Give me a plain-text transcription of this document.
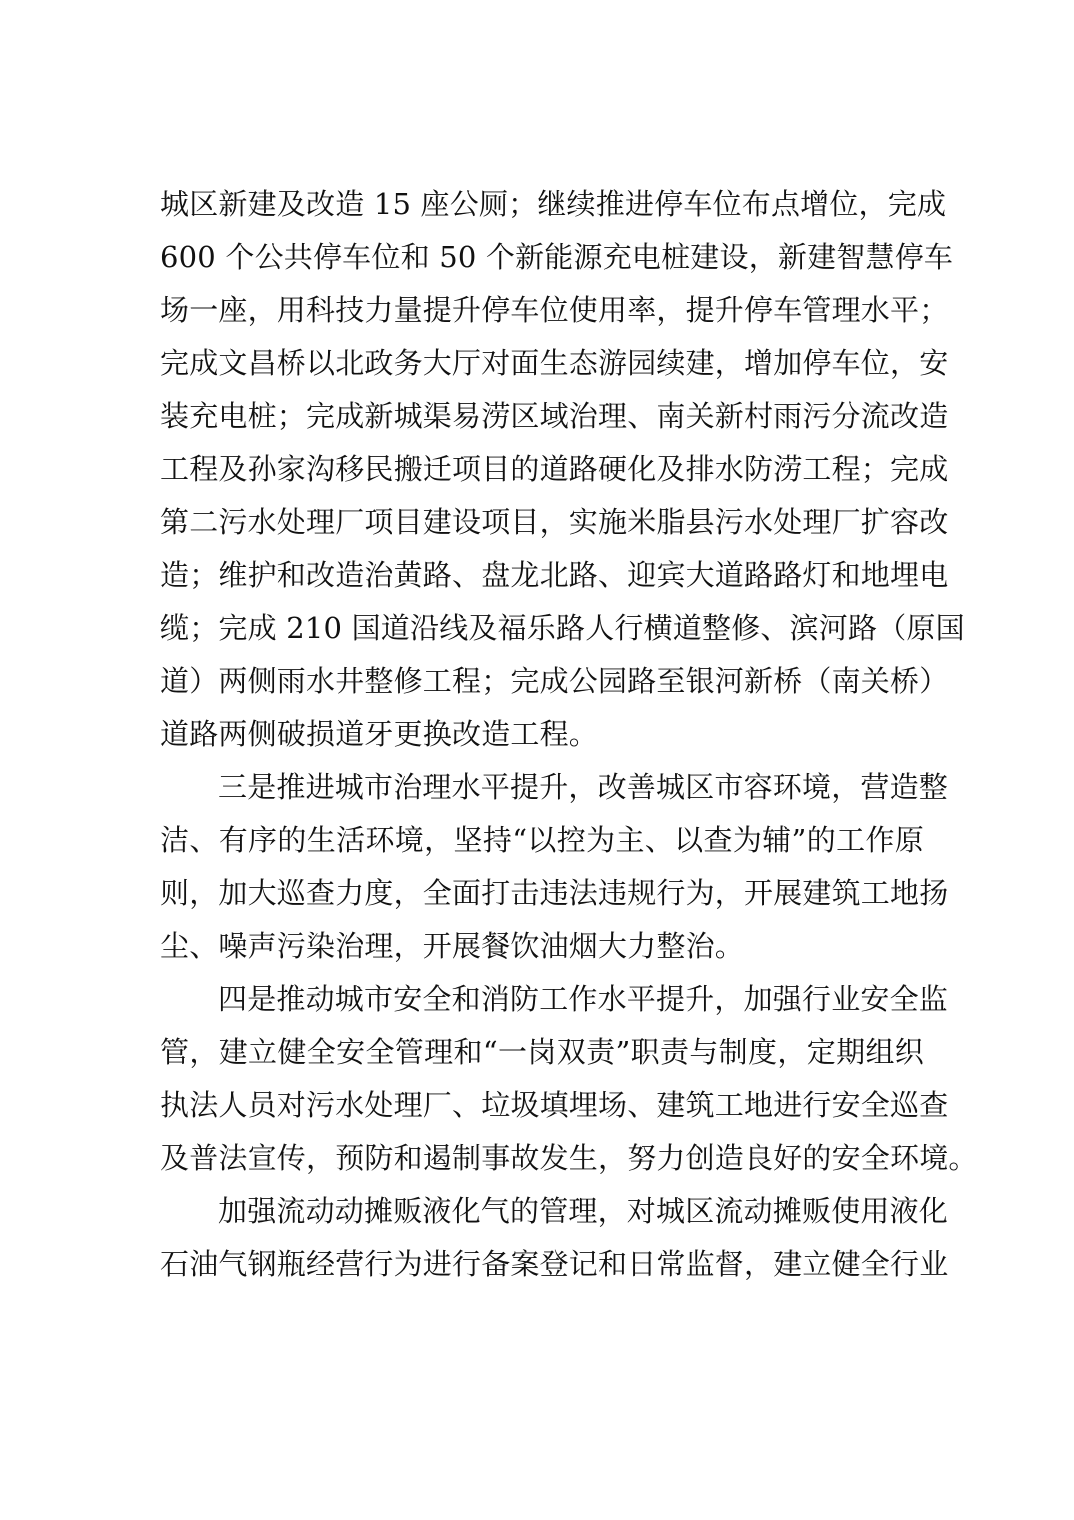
城区新建及改造 15 座公厕；继续推进停车位布点增位，完成
600 个公共停车位和 50 个新能源充电桩建设，新建智慧停车
场一座，用科技力量提升停车位使用率，提升停车管理水平；
完成文昌桥以北政务大厅对面生态游园续建，增加停车位，安
装充电桩；完成新城渠易涝区域治理、南关新村雨污分流改造
工程及孙家沟移民搬迁项目的道路硬化及排水防涝工程；完成
第二污水处理厂项目建设项目，实施米脂县污水处理厂扩容改
造；维护和改造治黄路、盘龙北路、迎宾大道路路灯和地埋电
缆；完成 210 国道沿线及福乐路人行横道整修、滨河路（原国
道）两侧雨水井整修工程；完成公园路至银河新桥（南关桥）
道路两侧破损道牙更换改造工程。
三是推进城市治理水平提升，改善城区市容环境，营造整
洁、有序的生活环境，坚持“以控为主、以查为辅”的工作原
则，加大巡查力度，全面打击违法违规行为，开展建筑工地扬
尘、噪声污染治理，开展餐饮油烟大力整治。
四是推动城市安全和消防工作水平提升，加强行业安全监
管，建立健全安全管理和“一岗双责”职责与制度，定期组织
执法人员对污水处理厂、垃圾填埋场、建筑工地进行安全巡查
及普法宣传，预防和遏制事故发生，努力创造良好的安全环境。
加强流动动摊贩液化气的管理，对城区流动摊贩使用液化
石油气钢瓶经营行为进行备案登记和日常监督，建立健全行业
